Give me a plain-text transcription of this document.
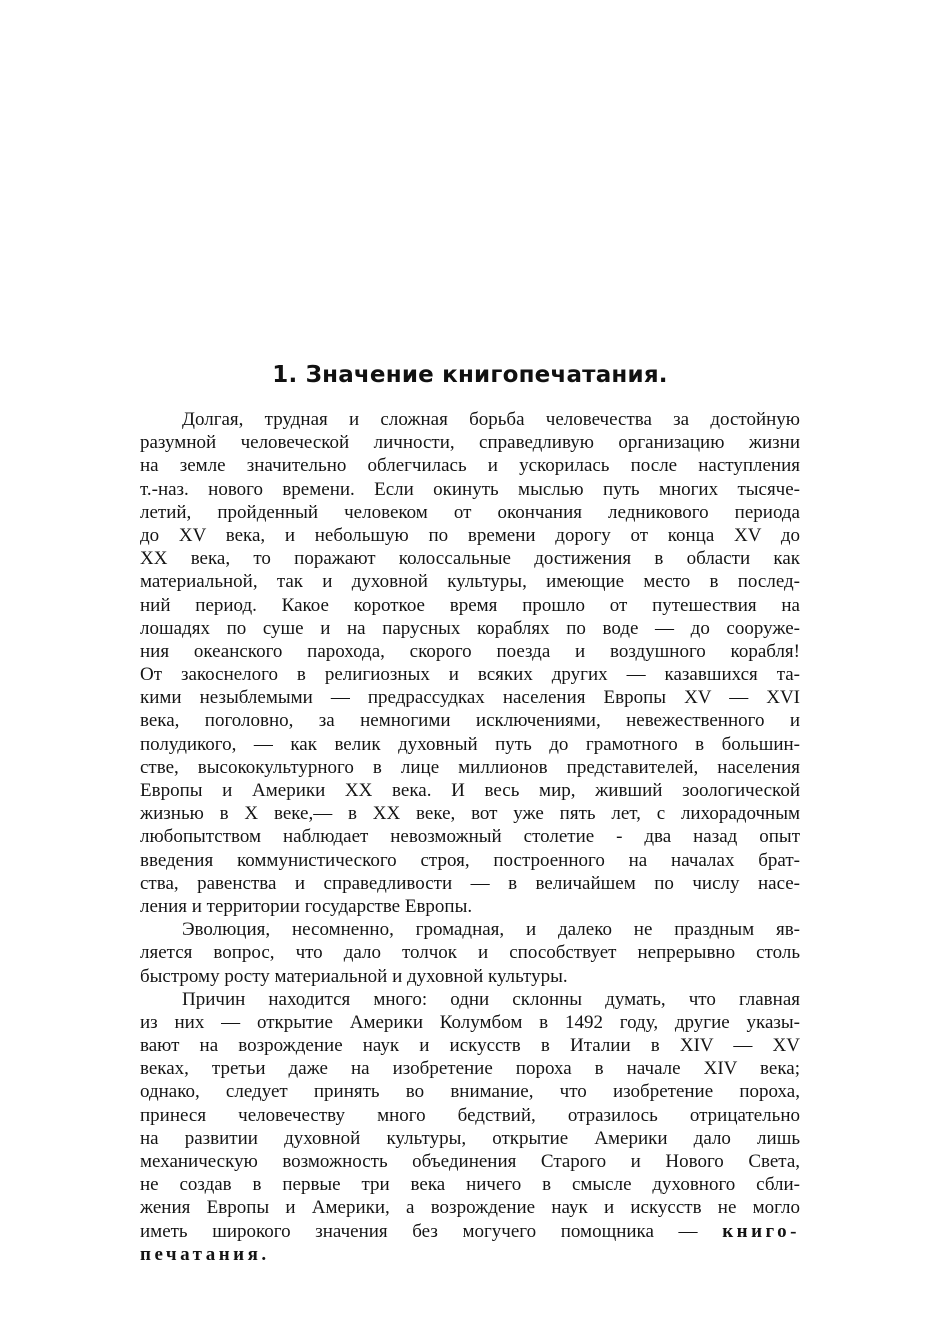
1. Значение книгопечатания.
Долгая, трудная и сложная борьба человечества за достойную
разумной человеческой личности, справедливую организацию жизни
на земле значительно облегчилась и ускорилась после наступления
т.-наз. нового времени. Если окинуть мыслью путь многих тысяче-
летий, пройденный человеком от окончания ледникового периода
до XV века, и небольшую по времени дорогу от конца XV до
XX века, то поражают колоссальные достижения в области как
материальной, так и духовной культуры, имеющие место в послед-
ний период. Какое короткое время прошло от путешествия на
лошадях по суше и на парусных кораблях по воде — до сооруже-
ния океанского парохода, скорого поезда и воздушного корабля!
От закоснелого в религиозных и всяких других — казавшихся та-
кими незыблемыми — предрассудках населения Европы XV — XVI
века, поголовно, за немногими исключениями, невежественного и
полудикого, — как велик духовный путь до грамотного в большин-
стве, высококультурного в лице миллионов представителей, населения
Европы и Америки XX века. И весь мир, живший зоологической
жизнью в X веке,— в XX веке, вот уже пять лет, с лихорадочным
любопытством наблюдает невозможный столетие - два назад опыт
введения коммунистического строя, построенного на началах брат-
ства, равенства и справедливости — в величайшем по числу насе-
ления и территории государстве Европы.
Эволюция, несомненно, громадная, и далеко не праздным яв-
ляется вопрос, что дало толчок и способствует непрерывно столь
быстрому росту материальной и духовной культуры.
Причин находится много: одни склонны думать, что главная
из них — открытие Америки Колумбом в 1492 году, другие указы-
вают на возрождение наук и искусств в Италии в XIV — XV
веках, третьи даже на изобретение пороха в начале XIV века;
однако, следует принять во внимание, что изобретение пороха,
принеся человечеству много бедствий, отразилось отрицательно
на развитии духовной культуры, открытие Америки дало лишь
механическую возможность объединения Старого и Нового Света,
не создав в первые три века ничего в смысле духовного сбли-
жения Европы и Америки, а возрождение наук и искусств не могло
иметь широкого значения без могучего помощника — книго-
печатания.
